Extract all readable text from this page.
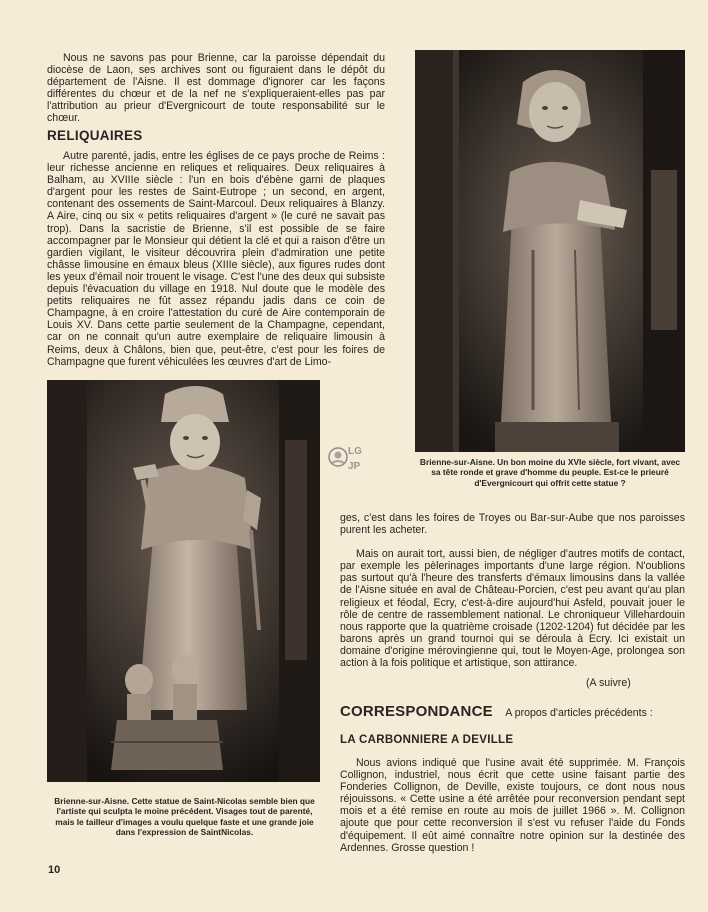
Nous ne savons pas pour Brienne, car la paroisse dépendait du diocèse de Laon, ses archives sont ou figuraient dans le dépôt du département de l'Aisne. Il est dommage d'ignorer car les façons différentes du chœur et de la nef ne s'expliqueraient-elles pas par l'attribution au prieur d'Evergnicourt de toute responsabilité sur le chœur.

RELIQUAIRES

Autre parenté, jadis, entre les églises de ce pays proche de Reims : leur richesse ancienne en reliques et reliquaires. Deux reliquaires à Balham, au XVIIIe siècle : l'un en bois d'ébène garni de plaques d'argent pour les restes de Saint-Eutrope ; un second, en argent, contenant des ossements de Saint-Marcoul. Deux reliquaires à Blanzy. A Aire, cinq ou six « petits reliquaires d'argent » (le curé ne savait pas trop). Dans la sacristie de Brienne, s'il est possible de se faire accompagner par le Monsieur qui détient la clé et qui a raison d'être un gardien vigilant, le visiteur découvrira plein d'admiration une petite châsse limousine en émaux bleus (XIIIe siècle), aux figures rudes dont les yeux d'émail noir trouent le visage. C'est l'une des deux qui subsiste depuis l'évacuation du village en 1918. Nul doute que le modèle des petits reliquaires ne fût assez répandu jadis dans ce coin de Champagne, à en croire l'attestation du curé de Aire contemporain de Louis XV. Dans cette partie seulement de la Champagne, cependant, car on ne connait qu'un autre exemplaire de reliquaire limousin à Reims, deux à Châlons, bien que, peut-être, c'est pour les foires de Champagne que furent véhiculées les œuvres d'art de Limo-

Brienne-sur-Aisne. Un bon moine du XVIe siècle, fort vivant, avec sa tête ronde et grave d'homme du peuple. Est-ce le prieuré d'Evergnicourt qui offrit cette statue ?
Brienne-sur-Aisne. Cette statue de Saint-Nicolas semble bien que l'artiste qui sculpta le moine précédent. Visages tout de parenté, mais le tailleur d'images a voulu quelque faste et une grande joie dans l'expression de SaintNicolas.
LG
JP

ges, c'est dans les foires de Troyes ou Bar-sur-Aube que nos paroisses purent les acheter.

Mais on aurait tort, aussi bien, de négliger d'autres motifs de contact, par exemple les pèlerinages importants d'une large région. N'oublions pas surtout qu'à l'heure des transferts d'émaux limousins dans la vallée de l'Aisne située en aval de Château-Porcien, c'est peu avant qu'au plan religieux et féodal, Ecry, c'est-à-dire aujourd'hui Asfeld, pouvait jouer le rôle de centre de rassemblement national. Le chroniqueur Villehardouin nous rapporte que la quatrième croisade (1202-1204) fut décidée par les barons après un grand tournoi qui se déroula à Ecry. Ici existait un domaine d'origine mérovingienne qui, tout le Moyen-Age, prolongea son action à la fois politique et artistique, son attirance.

(A suivre)
CORRESPONDANCE A propos d'articles précédents :
LA CARBONNIERE A DEVILLE

Nous avions indiqué que l'usine avait été supprimée. M. François Collignon, industriel, nous écrit que cette usine faisant partie des Fonderies Collignon, de Deville, existe toujours, ce dont nous nous réjouissons. « Cette usine a été arrêtée pour reconversion pendant sept mois et a été remise en route au mois de juillet 1966 ». M. Collignon ajoute que pour cette reconversion il s'est vu refuser l'aide du Fonds d'équipement. Il eût aimé connaître notre opinion sur la destinée des Ardennes. Grosse question !

10
